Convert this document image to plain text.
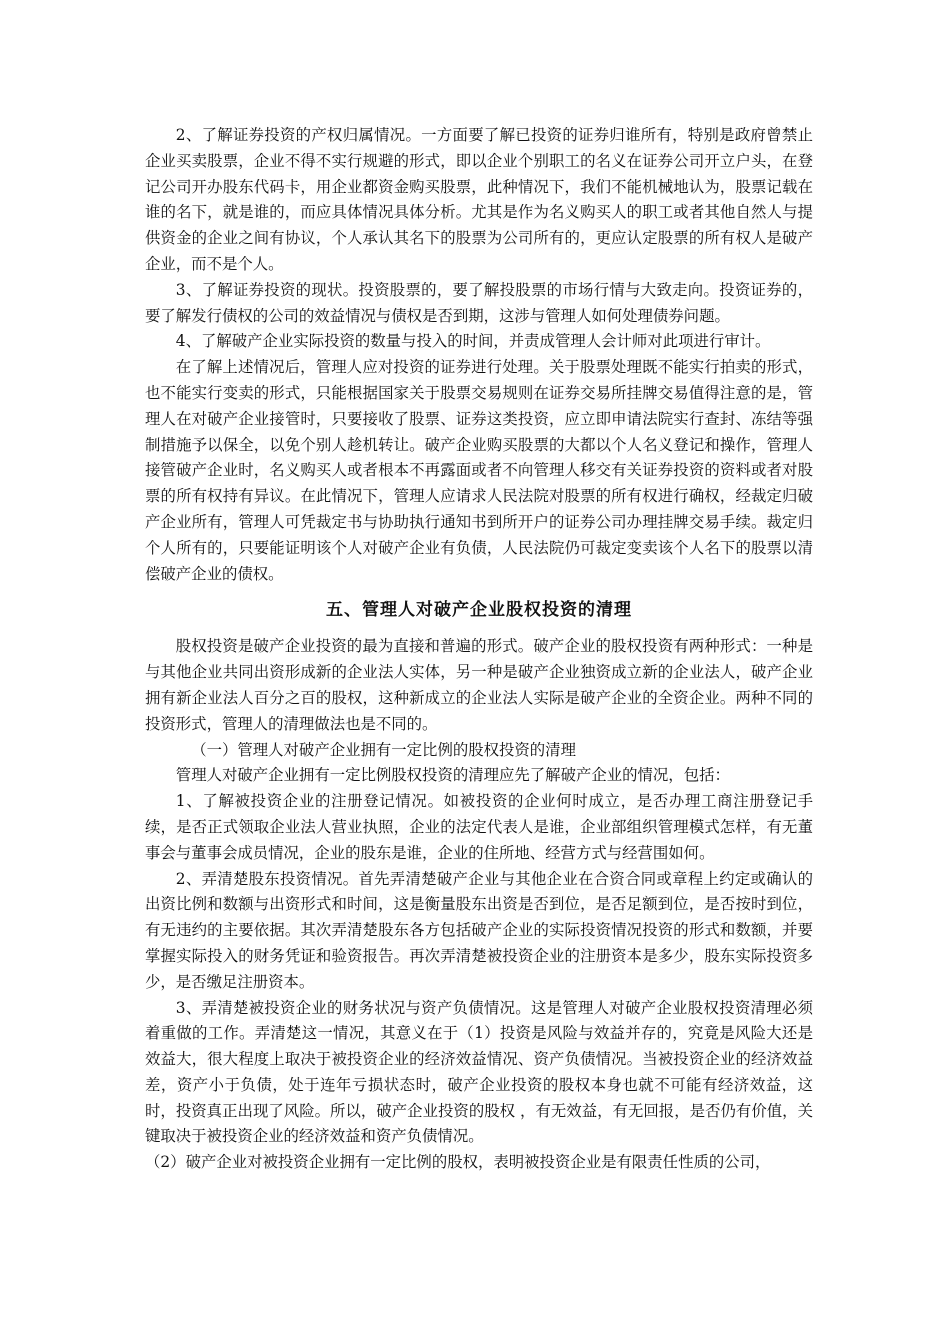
2、了解证券投资的产权归属情况。一方面要了解已投资的证券归谁所有，特别是政府曾禁止企业买卖股票，企业不得不实行规避的形式，即以企业个别职工的名义在证券公司开立户头，在登记公司开办股东代码卡，用企业都资金购买股票，此种情况下，我们不能机械地认为，股票记载在谁的名下，就是谁的，而应具体情况具体分析。尤其是作为名义购买人的职工或者其他自然人与提供资金的企业之间有协议，个人承认其名下的股票为公司所有的，更应认定股票的所有权人是破产企业，而不是个人。

3、了解证券投资的现状。投资股票的，要了解投股票的市场行情与大致走向。投资证券的，要了解发行债权的公司的效益情况与债权是否到期，这涉与管理人如何处理债券问题。

4、了解破产企业实际投资的数量与投入的时间，并责成管理人会计师对此项进行审计。

在了解上述情况后，管理人应对投资的证券进行处理。关于股票处理既不能实行拍卖的形式，也不能实行变卖的形式，只能根据国家关于股票交易规则在证券交易所挂牌交易值得注意的是，管理人在对破产企业接管时，只要接收了股票、证券这类投资，应立即申请法院实行查封、冻结等强制措施予以保全，以免个别人趁机转让。破产企业购买股票的大都以个人名义登记和操作，管理人接管破产企业时，名义购买人或者根本不再露面或者不向管理人移交有关证券投资的资料或者对股票的所有权持有异议。在此情况下，管理人应请求人民法院对股票的所有权进行确权，经裁定归破产企业所有，管理人可凭裁定书与协助执行通知书到所开户的证券公司办理挂牌交易手续。裁定归个人所有的，只要能证明该个人对破产企业有负债，人民法院仍可裁定变卖该个人名下的股票以清偿破产企业的债权。

五、管理人对破产企业股权投资的清理

股权投资是破产企业投资的最为直接和普遍的形式。破产企业的股权投资有两种形式：一种是与其他企业共同出资形成新的企业法人实体，另一种是破产企业独资成立新的企业法人，破产企业拥有新企业法人百分之百的股权，这种新成立的企业法人实际是破产企业的全资企业。两种不同的投资形式，管理人的清理做法也是不同的。

（一）管理人对破产企业拥有一定比例的股权投资的清理

管理人对破产企业拥有一定比例股权投资的清理应先了解破产企业的情况，包括：

1、了解被投资企业的注册登记情况。如被投资的企业何时成立，是否办理工商注册登记手续，是否正式领取企业法人营业执照，企业的法定代表人是谁，企业部组织管理模式怎样，有无董事会与董事会成员情况，企业的股东是谁，企业的住所地、经营方式与经营围如何。

2、弄清楚股东投资情况。首先弄清楚破产企业与其他企业在合资合同或章程上约定或确认的出资比例和数额与出资形式和时间，这是衡量股东出资是否到位，是否足额到位，是否按时到位，有无违约的主要依据。其次弄清楚股东各方包括破产企业的实际投资情况投资的形式和数额，并要掌握实际投入的财务凭证和验资报告。再次弄清楚被投资企业的注册资本是多少，股东实际投资多少，是否缴足注册资本。

3、弄清楚被投资企业的财务状况与资产负债情况。这是管理人对破产企业股权投资清理必须着重做的工作。弄清楚这一情况，其意义在于（1）投资是风险与效益并存的，究竟是风险大还是效益大，很大程度上取决于被投资企业的经济效益情况、资产负债情况。当被投资企业的经济效益差，资产小于负债，处于连年亏损状态时，破产企业投资的股权本身也就不可能有经济效益，这时，投资真正出现了风险。所以，破产企业投资的股权 ，有无效益，有无回报，是否仍有价值，关键取决于被投资企业的经济效益和资产负债情况。

（2）破产企业对被投资企业拥有一定比例的股权，表明被投资企业是有限责任性质的公司，
